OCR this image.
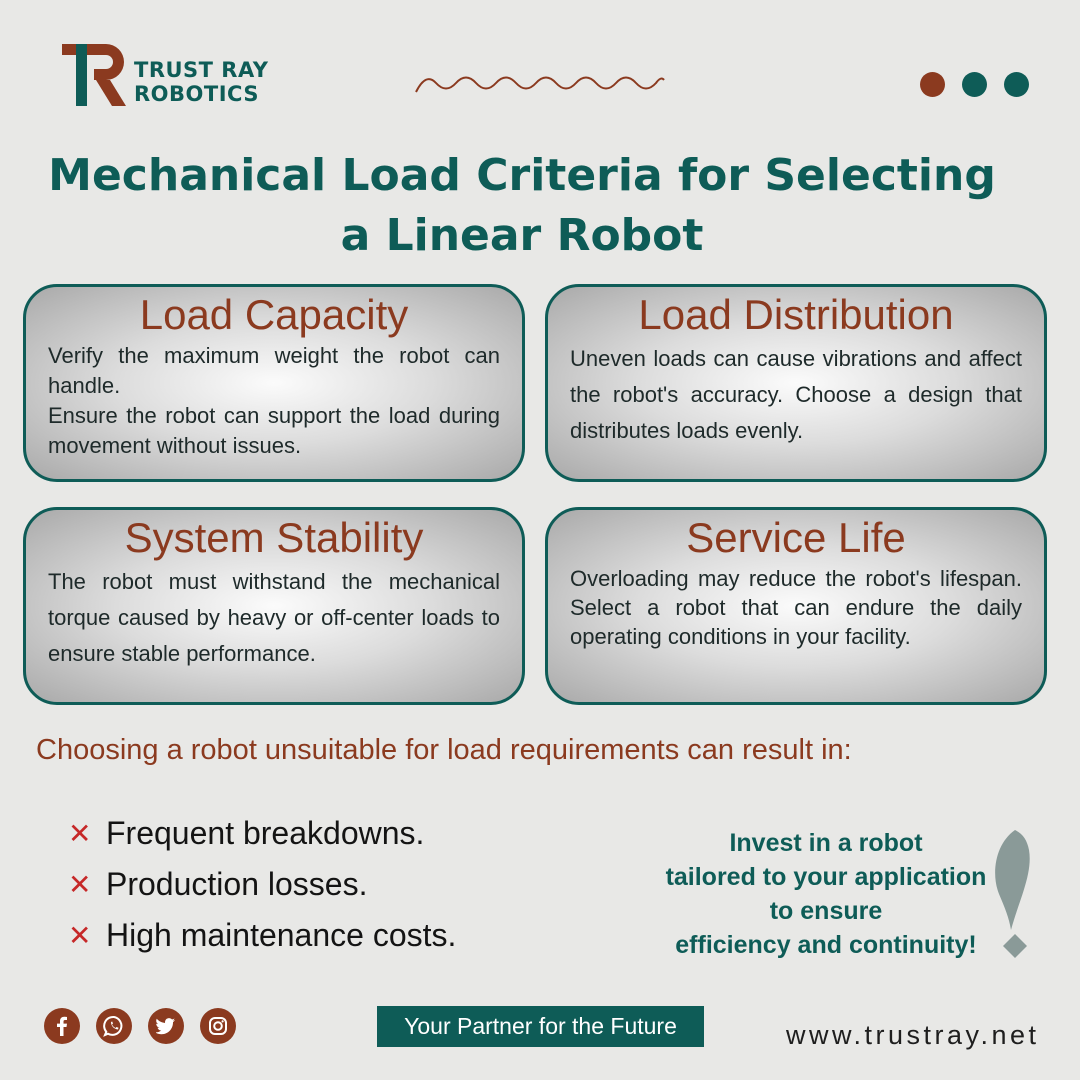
TRUST RAY
ROBOTICS
Mechanical Load Criteria for Selecting
a Linear Robot
Load Capacity

Verify the maximum weight the robot can handle.

Ensure the robot can support the load during movement without issues.

Load Distribution

Uneven loads can cause vibrations and affect the robot's accuracy. Choose a design that distributes loads evenly.

System Stability

The robot must withstand the mechanical torque caused by heavy or off-center loads to ensure stable performance.

Service Life

Overloading may reduce the robot's lifespan. Select a robot that can endure the daily operating conditions in your facility.

Choosing a robot unsuitable for load requirements can result in:
✕ Frequent breakdowns.
✕ Production losses.
✕ High maintenance costs.
Invest in a robot
tailored to your application
to ensure
efficiency and continuity!
Your Partner for the Future	www.trustray.net
